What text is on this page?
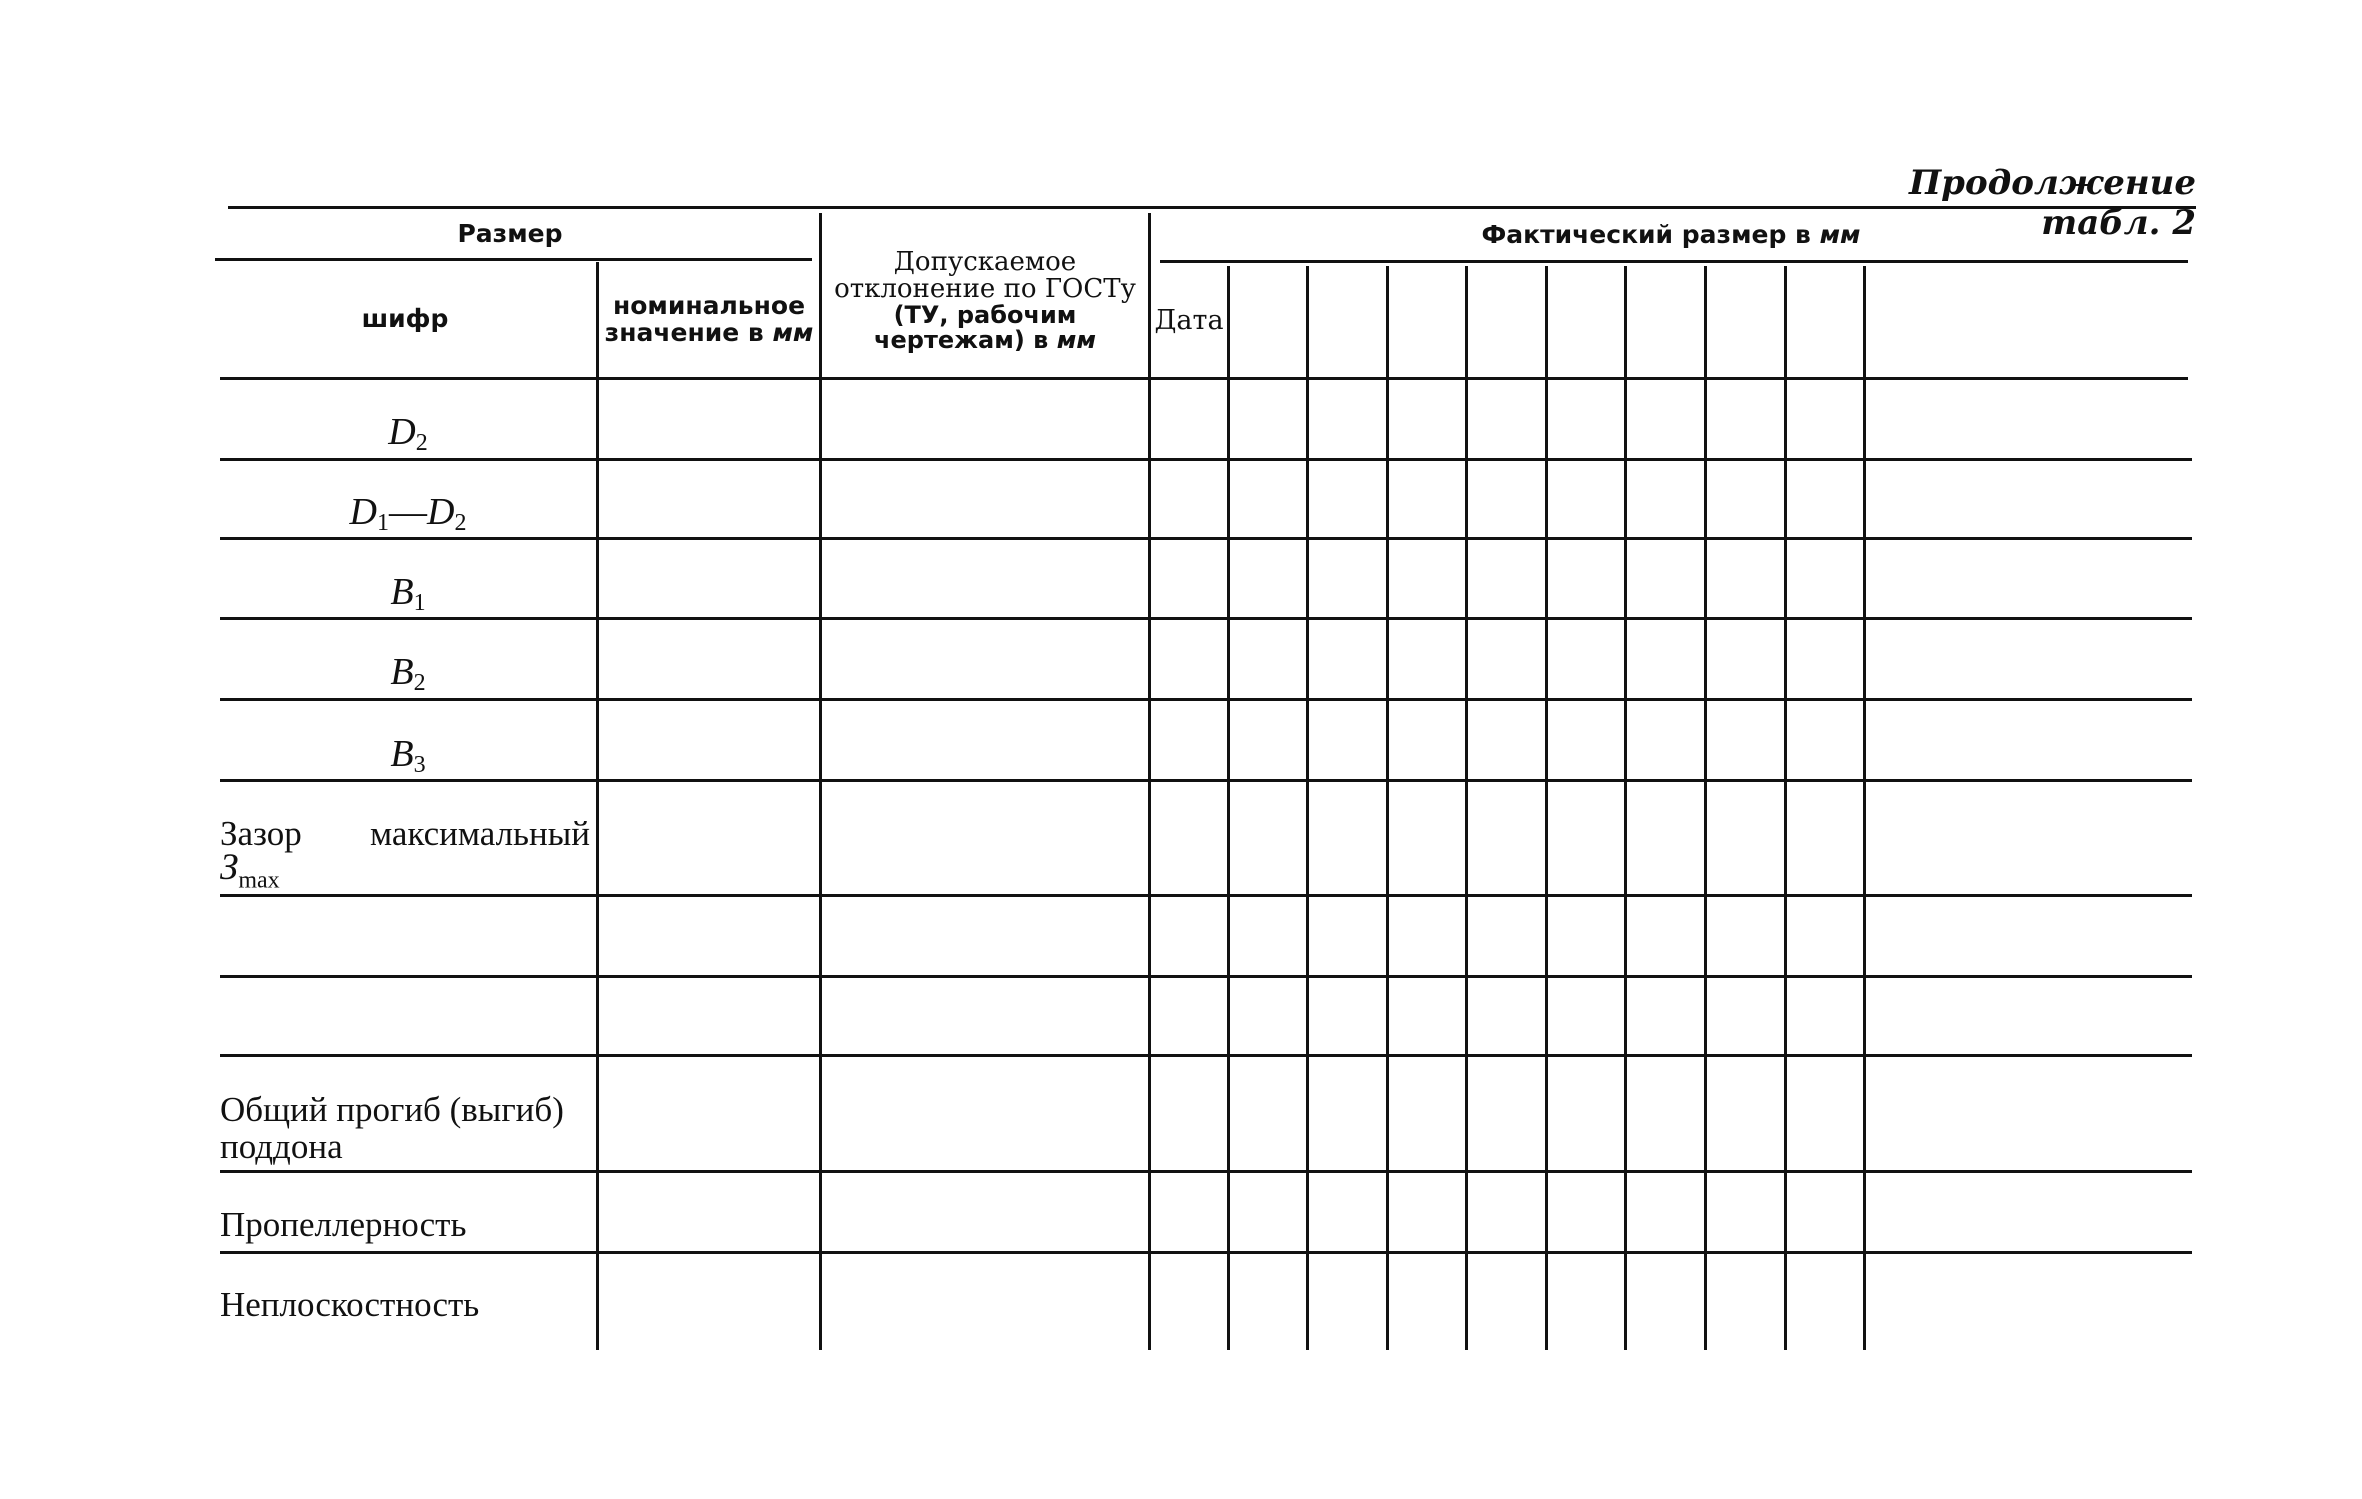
Продолжение табл. 2
Размер
шифр	номинальное
значение в мм
Допускаемое
отклонение по ГОСТу
(ТУ, рабочим
чертежам) в мм
Фактический размер в
мм
Дата
$D_2$
$D_1—D_2$
$B_1$
$B_2$
$B_3$
Зазор максимальный
$З_{max}$
Общий прогиб (выгиб)
поддона
Пропеллерность
Неплоскостность
